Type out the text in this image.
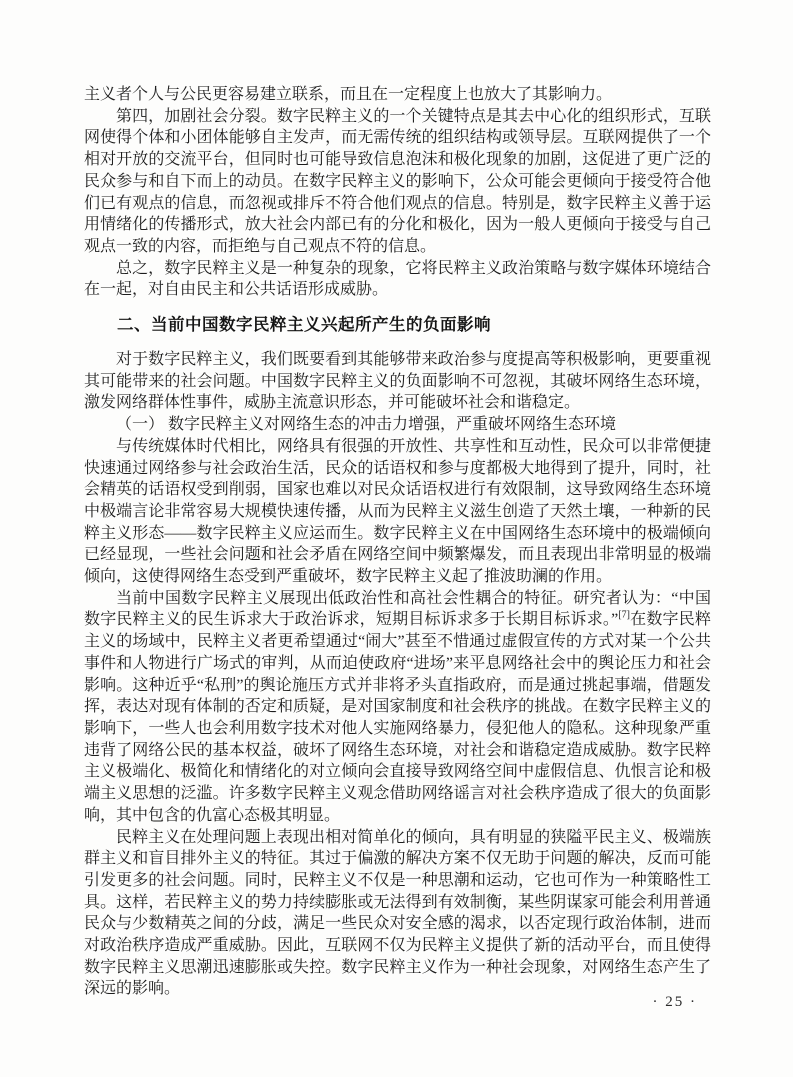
主义者个人与公民更容易建立联系，而且在一定程度上也放大了其影响力。

第四，加剧社会分裂。数字民粹主义的一个关键特点是其去中心化的组织形式，互联网使得个体和小团体能够自主发声，而无需传统的组织结构或领导层。互联网提供了一个相对开放的交流平台，但同时也可能导致信息泡沫和极化现象的加剧，这促进了更广泛的民众参与和自下而上的动员。在数字民粹主义的影响下，公众可能会更倾向于接受符合他们已有观点的信息，而忽视或排斥不符合他们观点的信息。特别是，数字民粹主义善于运用情绪化的传播形式，放大社会内部已有的分化和极化，因为一般人更倾向于接受与自己观点一致的内容，而拒绝与自己观点不符的信息。

总之，数字民粹主义是一种复杂的现象，它将民粹主义政治策略与数字媒体环境结合在一起，对自由民主和公共话语形成威胁。

二、当前中国数字民粹主义兴起所产生的负面影响

对于数字民粹主义，我们既要看到其能够带来政治参与度提高等积极影响，更要重视其可能带来的社会问题。中国数字民粹主义的负面影响不可忽视，其破坏网络生态环境，激发网络群体性事件，威胁主流意识形态，并可能破坏社会和谐稳定。

（一） 数字民粹主义对网络生态的冲击力增强，严重破坏网络生态环境

与传统媒体时代相比，网络具有很强的开放性、共享性和互动性，民众可以非常便捷快速通过网络参与社会政治生活，民众的话语权和参与度都极大地得到了提升，同时，社会精英的话语权受到削弱，国家也难以对民众话语权进行有效限制，这导致网络生态环境中极端言论非常容易大规模快速传播，从而为民粹主义滋生创造了天然土壤，一种新的民粹主义形态——数字民粹主义应运而生。数字民粹主义在中国网络生态环境中的极端倾向已经显现，一些社会问题和社会矛盾在网络空间中频繁爆发，而且表现出非常明显的极端倾向，这使得网络生态受到严重破坏，数字民粹主义起了推波助澜的作用。

当前中国数字民粹主义展现出低政治性和高社会性耦合的特征。研究者认为：“中国数字民粹主义的民生诉求大于政治诉求，短期目标诉求多于长期目标诉求。”[7]在数字民粹主义的场域中，民粹主义者更希望通过“闹大”甚至不惜通过虚假宣传的方式对某一个公共事件和人物进行广场式的审判，从而迫使政府“进场”来平息网络社会中的舆论压力和社会影响。这种近乎“私刑”的舆论施压方式并非将矛头直指政府，而是通过挑起事端，借题发挥，表达对现有体制的否定和质疑，是对国家制度和社会秩序的挑战。在数字民粹主义的影响下，一些人也会利用数字技术对他人实施网络暴力，侵犯他人的隐私。这种现象严重违背了网络公民的基本权益，破坏了网络生态环境，对社会和谐稳定造成威胁。数字民粹主义极端化、极简化和情绪化的对立倾向会直接导致网络空间中虚假信息、仇恨言论和极端主义思想的泛滥。许多数字民粹主义观念借助网络谣言对社会秩序造成了很大的负面影响，其中包含的仇富心态极其明显。

民粹主义在处理问题上表现出相对简单化的倾向，具有明显的狭隘平民主义、极端族群主义和盲目排外主义的特征。其过于偏激的解决方案不仅无助于问题的解决，反而可能引发更多的社会问题。同时，民粹主义不仅是一种思潮和运动，它也可作为一种策略性工具。这样，若民粹主义的势力持续膨胀或无法得到有效制衡，某些阴谋家可能会利用普通民众与少数精英之间的分歧，满足一些民众对安全感的渴求，以否定现行政治体制，进而对政治秩序造成严重威胁。因此，互联网不仅为民粹主义提供了新的活动平台，而且使得数字民粹主义思潮迅速膨胀或失控。数字民粹主义作为一种社会现象，对网络生态产生了深远的影响。

· 25 ·
